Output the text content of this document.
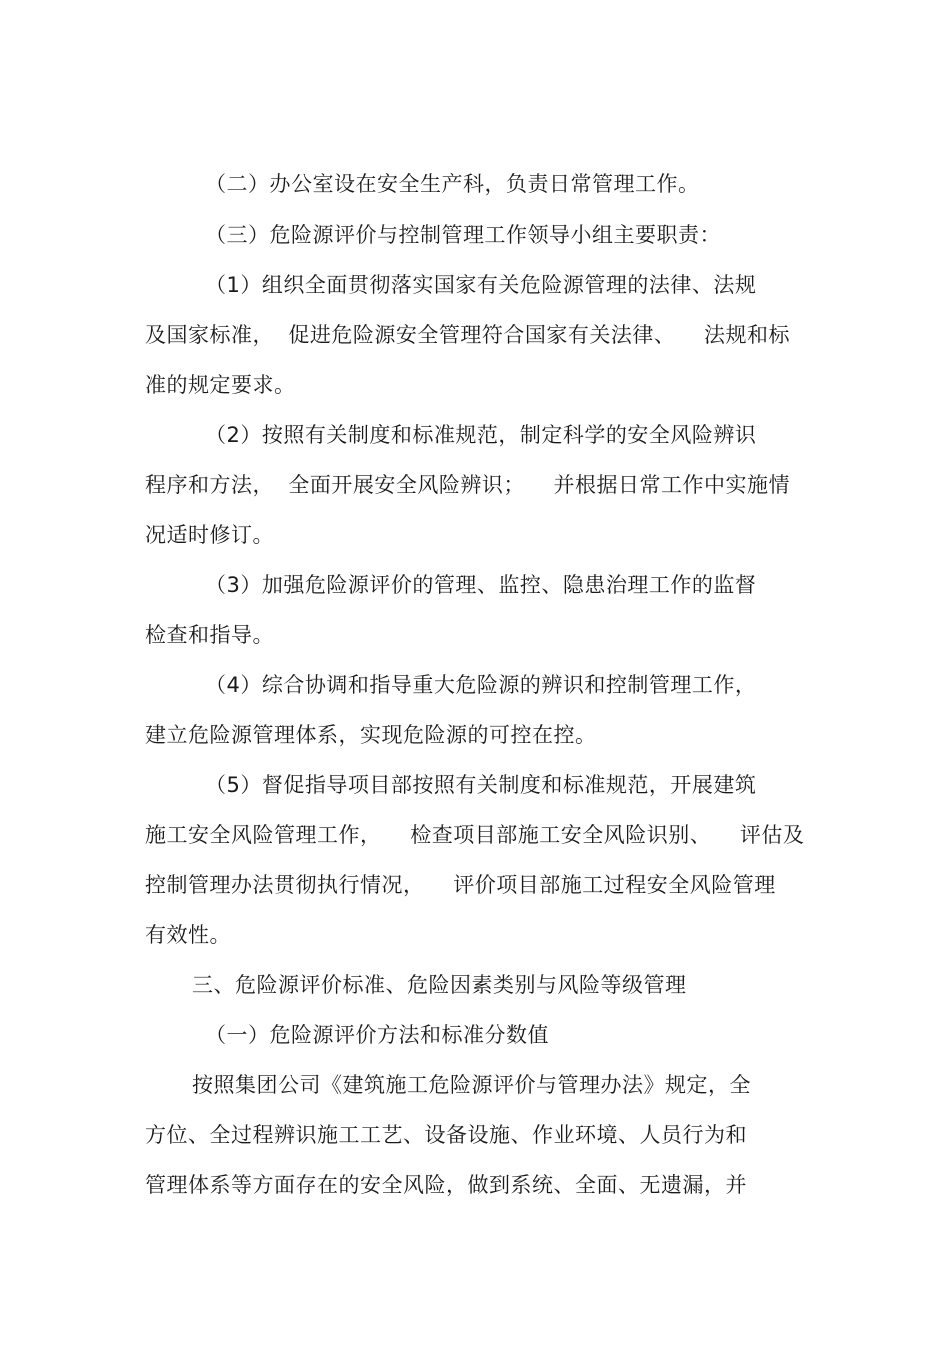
（二）办公室设在安全生产科，负责日常管理工作。
（三）危险源评价与控制管理工作领导小组主要职责：
（1）组织全面贯彻落实国家有关危险源管理的法律、法规
及国家标准，  促进危险源安全管理符合国家有关法律、    法规和标
准的规定要求。
（2）按照有关制度和标准规范，制定科学的安全风险辨识
程序和方法，  全面开展安全风险辨识；    并根据日常工作中实施情
况适时修订。
（3）加强危险源评价的管理、监控、隐患治理工作的监督
检查和指导。
（4）综合协调和指导重大危险源的辨识和控制管理工作，
建立危险源管理体系，实现危险源的可控在控。
（5）督促指导项目部按照有关制度和标准规范，开展建筑
施工安全风险管理工作，    检查项目部施工安全风险识别、    评估及
控制管理办法贯彻执行情况，    评价项目部施工过程安全风险管理
有效性。
三、危险源评价标准、危险因素类别与风险等级管理
（一）危险源评价方法和标准分数值
按照集团公司《建筑施工危险源评价与管理办法》规定，全
方位、全过程辨识施工工艺、设备设施、作业环境、人员行为和
管理体系等方面存在的安全风险，做到系统、全面、无遗漏，并
